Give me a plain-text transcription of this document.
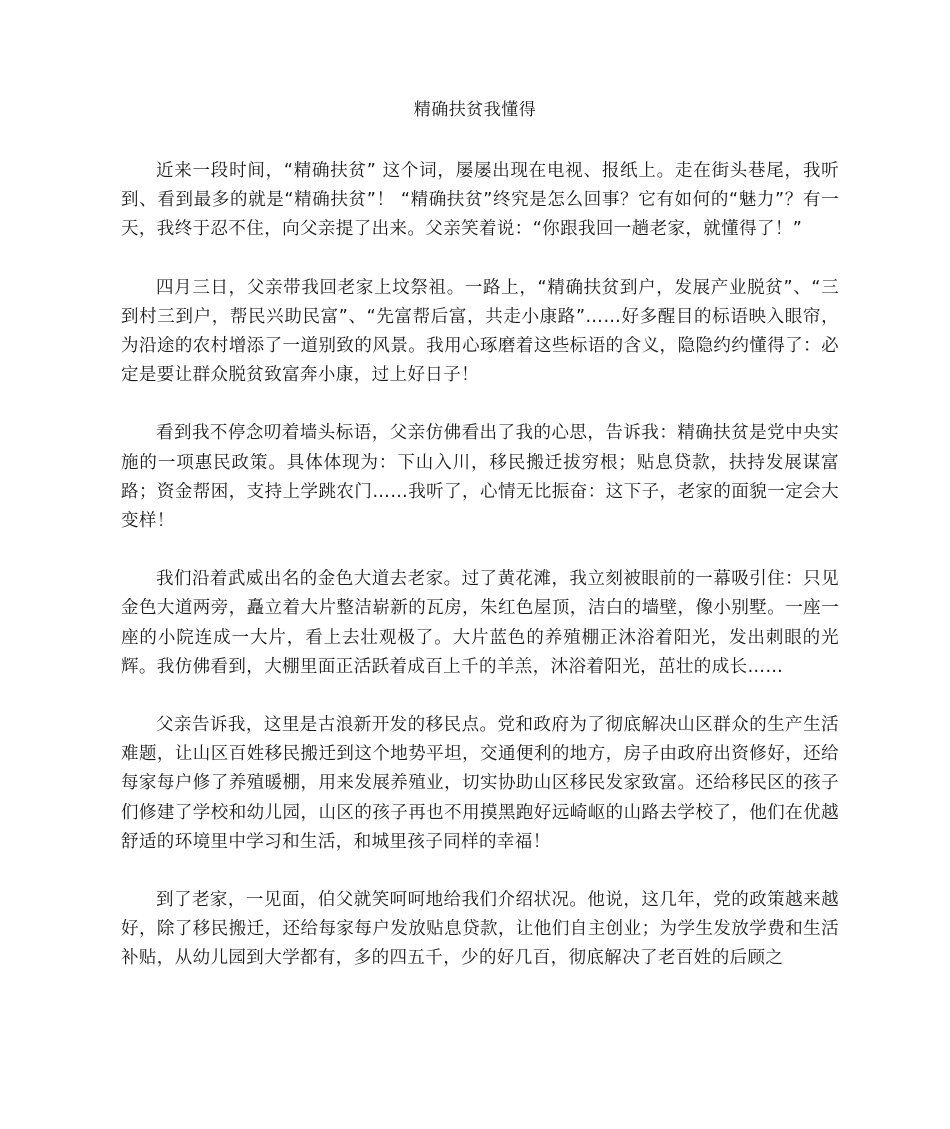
精确扶贫我懂得

近来一段时间，“精确扶贫” 这个词，屡屡出现在电视、报纸上。走在街头巷尾，我听到、看到最多的就是“精确扶贫”！ “精确扶贫”终究是怎么回事？它有如何的“魅力”？有一天，我终于忍不住，向父亲提了出来。父亲笑着说：“你跟我回一趟老家，就懂得了！”

四月三日，父亲带我回老家上坟祭祖。一路上，“精确扶贫到户，发展产业脱贫”、“三到村三到户，帮民兴助民富”、“先富帮后富，共走小康路”……好多醒目的标语映入眼帘，为沿途的农村增添了一道别致的风景。我用心琢磨着这些标语的含义，隐隐约约懂得了：必定是要让群众脱贫致富奔小康，过上好日子！

看到我不停念叨着墙头标语，父亲仿佛看出了我的心思，告诉我：精确扶贫是党中央实施的一项惠民政策。具体体现为：下山入川，移民搬迁拔穷根；贴息贷款，扶持发展谋富路；资金帮困，支持上学跳农门……我听了，心情无比振奋：这下子，老家的面貌一定会大变样！

我们沿着武威出名的金色大道去老家。过了黄花滩，我立刻被眼前的一幕吸引住：只见金色大道两旁，矗立着大片整洁崭新的瓦房，朱红色屋顶，洁白的墙壁，像小别墅。一座一座的小院连成一大片，看上去壮观极了。大片蓝色的养殖棚正沐浴着阳光，发出刺眼的光辉。我仿佛看到，大棚里面正活跃着成百上千的羊羔，沐浴着阳光，茁壮的成长……

父亲告诉我，这里是古浪新开发的移民点。党和政府为了彻底解决山区群众的生产生活难题，让山区百姓移民搬迁到这个地势平坦，交通便利的地方，房子由政府出资修好，还给每家每户修了养殖暖棚，用来发展养殖业，切实协助山区移民发家致富。还给移民区的孩子们修建了学校和幼儿园，山区的孩子再也不用摸黑跑好远崎岖的山路去学校了，他们在优越舒适的环境里中学习和生活，和城里孩子同样的幸福！

到了老家，一见面，伯父就笑呵呵地给我们介绍状况。他说，这几年，党的政策越来越好，除了移民搬迁，还给每家每户发放贴息贷款，让他们自主创业；为学生发放学费和生活补贴，从幼儿园到大学都有，多的四五千，少的好几百，彻底解决了老百姓的后顾之
